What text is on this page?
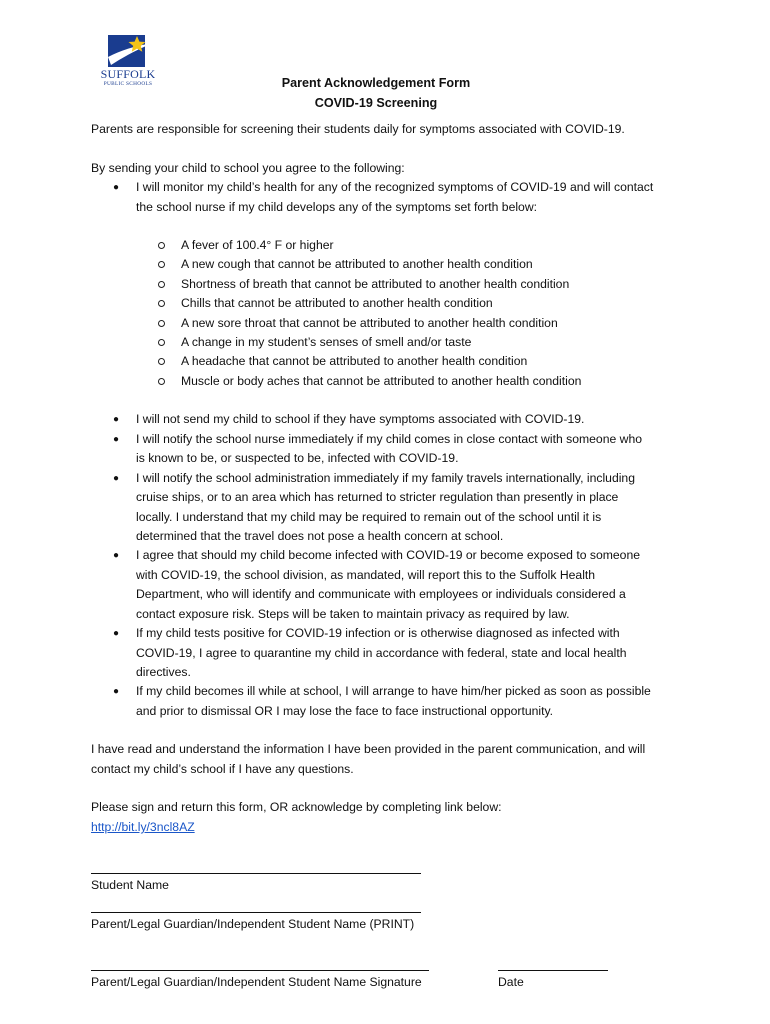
SUFFOLK
PUBLIC SCHOOLS	Parent Acknowledgement Form
COVID-19 Screening
Parents are responsible for screening their students daily for symptoms associated with COVID-19.
By sending your child to school you agree to the following:
● I will monitor my child’s health for any of the recognized symptoms of COVID-19 and will contact
the school nurse if my child develops any of the symptoms set forth below:
A fever of 100.4° F or higher
A new cough that cannot be attributed to another health condition
Shortness of breath that cannot be attributed to another health condition
Chills that cannot be attributed to another health condition
A new sore throat that cannot be attributed to another health condition
A change in my student’s senses of smell and/or taste
A headache that cannot be attributed to another health condition
Muscle or body aches that cannot be attributed to another health condition
● I will not send my child to school if they have symptoms associated with COVID-19.
● I will notify the school nurse immediately if my child comes in close contact with someone who
is known to be, or suspected to be, infected with COVID-19.
● I will notify the school administration immediately if my family travels internationally, including
cruise ships, or to an area which has returned to stricter regulation than presently in place
locally. I understand that my child may be required to remain out of the school until it is
determined that the travel does not pose a health concern at school.
● I agree that should my child become infected with COVID-19 or become exposed to someone
with COVID-19, the school division, as mandated, will report this to the Suffolk Health
Department, who will identify and communicate with employees or individuals considered a
contact exposure risk. Steps will be taken to maintain privacy as required by law.
● If my child tests positive for COVID-19 infection or is otherwise diagnosed as infected with
COVID-19, I agree to quarantine my child in accordance with federal, state and local health
directives.
● If my child becomes ill while at school, I will arrange to have him/her picked as soon as possible
and prior to dismissal OR I may lose the face to face instructional opportunity.
I have read and understand the information I have been provided in the parent communication, and will
contact my child’s school if I have any questions.
Please sign and return this form, OR acknowledge by completing link below:
http://bit.ly/3ncl8AZ
Student Name
Parent/Legal Guardian/Independent Student Name (PRINT)
Parent/Legal Guardian/Independent Student Name Signature	Date
